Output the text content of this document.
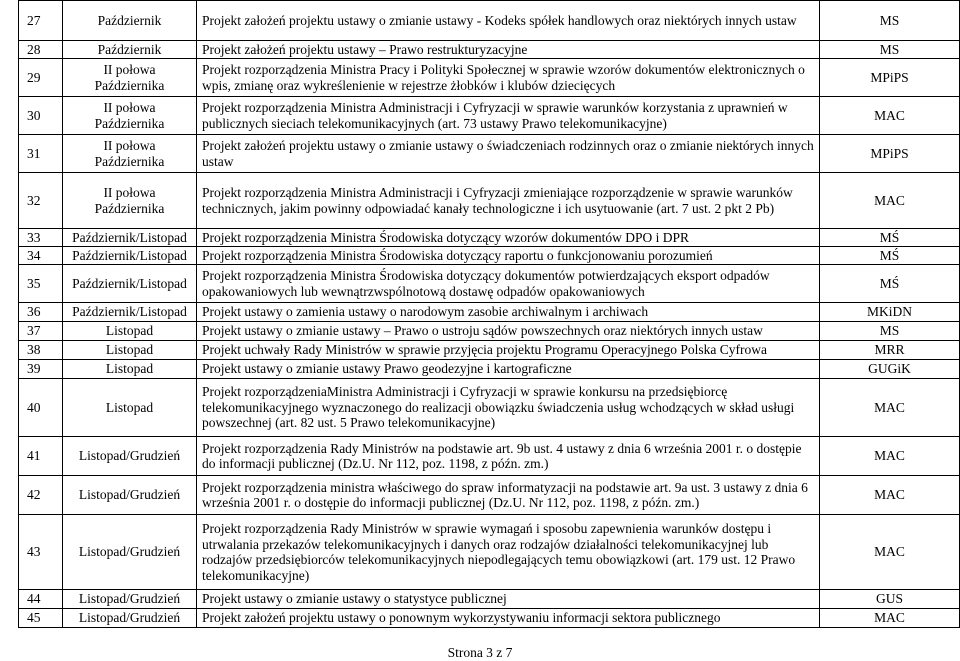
27	Październik	Projekt założeń projektu ustawy o zmianie ustawy - Kodeks spółek handlowych oraz niektórych innych ustaw	MS
28	Październik	Projekt założeń projektu ustawy – Prawo restrukturyzacyjne	MS
29	II połowa Października	Projekt rozporządzenia Ministra Pracy i Polityki Społecznej w sprawie wzorów dokumentów elektronicznych o wpis, zmianę oraz wykreślenienie w rejestrze żłobków i klubów dziecięcych	MPiPS
30	II połowa Października	Projekt rozporządzenia Ministra Administracji i Cyfryzacji w sprawie warunków korzystania z uprawnień w publicznych sieciach telekomunikacyjnych (art. 73 ustawy Prawo telekomunikacyjne)	MAC
31	II połowa Października	Projekt założeń projektu ustawy o zmianie ustawy o świadczeniach rodzinnych oraz o zmianie niektórych innych ustaw	MPiPS
32	II połowa Października	Projekt rozporządzenia Ministra Administracji i Cyfryzacji zmieniające rozporządzenie w sprawie warunków technicznych, jakim powinny odpowiadać kanały technologiczne i ich usytuowanie (art. 7 ust. 2 pkt 2 Pb)	MAC
33	Październik/Listopad	Projekt rozporządzenia Ministra Środowiska dotyczący wzorów dokumentów DPO i DPR	MŚ
34	Październik/Listopad	Projekt rozporządzenia Ministra Środowiska dotyczący raportu o funkcjonowaniu porozumień	MŚ
35	Październik/Listopad	Projekt rozporządzenia Ministra Środowiska dotyczący dokumentów potwierdzających eksport odpadów opakowaniowych lub wewnątrzwspólnotową dostawę odpadów opakowaniowych	MŚ
36	Październik/Listopad	Projekt ustawy o zamienia ustawy o narodowym zasobie archiwalnym i archiwach	MKiDN
37	Listopad	Projekt ustawy o zmianie ustawy – Prawo o ustroju sądów powszechnych oraz niektórych innych ustaw	MS
38	Listopad	Projekt uchwały Rady Ministrów w sprawie przyjęcia projektu Programu Operacyjnego Polska Cyfrowa	MRR
39	Listopad	Projekt ustawy o zmianie ustawy Prawo geodezyjne i kartograficzne	GUGiK
40	Listopad	Projekt rozporządzeniaMinistra Administracji i Cyfryzacji w sprawie konkursu na przedsiębiorcę telekomunikacyjnego wyznaczonego do realizacji obowiązku świadczenia usług wchodzących w skład usługi powszechnej (art. 82 ust. 5 Prawo telekomunikacyjne)	MAC
41	Listopad/Grudzień	Projekt rozporządzenia Rady Ministrów na podstawie art. 9b ust. 4 ustawy z dnia 6 września 2001 r. o dostępie do informacji publicznej (Dz.U. Nr 112, poz. 1198, z późn. zm.)	MAC
42	Listopad/Grudzień	Projekt rozporządzenia ministra właściwego do spraw informatyzacji na podstawie art. 9a ust. 3 ustawy z dnia 6 września 2001 r. o dostępie do informacji publicznej (Dz.U. Nr 112, poz. 1198, z późn. zm.)	MAC
43	Listopad/Grudzień	Projekt rozporządzenia Rady Ministrów w sprawie wymagań i sposobu zapewnienia warunków dostępu i utrwalania przekazów telekomunikacyjnych i danych oraz rodzajów działalności telekomunikacyjnej lub rodzajów przedsiębiorców telekomunikacyjnych niepodlegających temu obowiązkowi (art. 179 ust. 12 Prawo telekomunikacyjne)	MAC
44	Listopad/Grudzień	Projekt ustawy o zmianie ustawy o statystyce publicznej	GUS
45	Listopad/Grudzień	Projekt założeń projektu ustawy o ponownym wykorzystywaniu informacji sektora publicznego	MAC
Strona 3 z 7
